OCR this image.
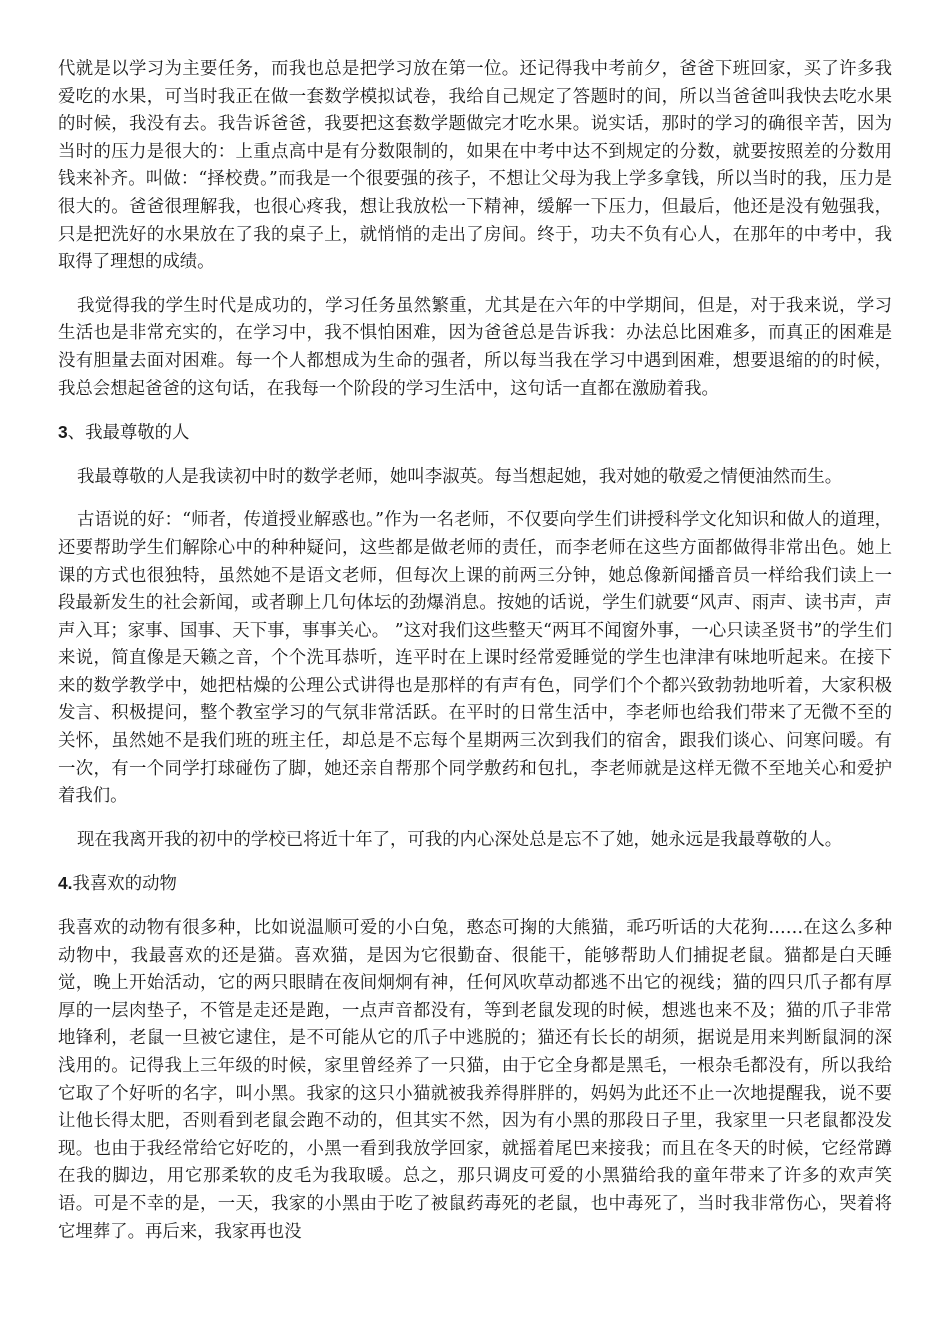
代就是以学习为主要任务，而我也总是把学习放在第一位。还记得我中考前夕，爸爸下班回家，买了许多我爱吃的水果，可当时我正在做一套数学模拟试卷，我给自己规定了答题时的间，所以当爸爸叫我快去吃水果的时候，我没有去。我告诉爸爸，我要把这套数学题做完才吃水果。说实话，那时的学习的确很辛苦，因为当时的压力是很大的：上重点高中是有分数限制的，如果在中考中达不到规定的分数，就要按照差的分数用钱来补齐。叫做：“择校费。”而我是一个很要强的孩子，不想让父母为我上学多拿钱，所以当时的我，压力是很大的。爸爸很理解我，也很心疼我，想让我放松一下精神，缓解一下压力，但最后，他还是没有勉强我，只是把洗好的水果放在了我的桌子上，就悄悄的走出了房间。终于，功夫不负有心人，在那年的中考中，我取得了理想的成绩。

我觉得我的学生时代是成功的，学习任务虽然繁重，尤其是在六年的中学期间，但是，对于我来说，学习生活也是非常充实的，在学习中，我不惧怕困难，因为爸爸总是告诉我：办法总比困难多，而真正的困难是没有胆量去面对困难。每一个人都想成为生命的强者，所以每当我在学习中遇到困难，想要退缩的的时候，我总会想起爸爸的这句话，在我每一个阶段的学习生活中，这句话一直都在激励着我。

3、我最尊敬的人

我最尊敬的人是我读初中时的数学老师，她叫李淑英。每当想起她，我对她的敬爱之情便油然而生。

古语说的好：“师者，传道授业解惑也。”作为一名老师，不仅要向学生们讲授科学文化知识和做人的道理，还要帮助学生们解除心中的种种疑问，这些都是做老师的责任，而李老师在这些方面都做得非常出色。她上课的方式也很独特，虽然她不是语文老师，但每次上课的前两三分钟，她总像新闻播音员一样给我们读上一段最新发生的社会新闻，或者聊上几句体坛的劲爆消息。按她的话说，学生们就要“风声、雨声、读书声，声声入耳；家事、国事、天下事，事事关心。 ”这对我们这些整天“两耳不闻窗外事，一心只读圣贤书”的学生们来说，简直像是天籁之音，个个洗耳恭听，连平时在上课时经常爱睡觉的学生也津津有味地听起来。在接下来的数学教学中，她把枯燥的公理公式讲得也是那样的有声有色，同学们个个都兴致勃勃地听着，大家积极发言、积极提问，整个教室学习的气氛非常活跃。在平时的日常生活中，李老师也给我们带来了无微不至的关怀，虽然她不是我们班的班主任，却总是不忘每个星期两三次到我们的宿舍，跟我们谈心、问寒问暖。有一次，有一个同学打球碰伤了脚，她还亲自帮那个同学敷药和包扎，李老师就是这样无微不至地关心和爱护着我们。

现在我离开我的初中的学校已将近十年了，可我的内心深处总是忘不了她，她永远是我最尊敬的人。

4.我喜欢的动物

我喜欢的动物有很多种，比如说温顺可爱的小白兔，憨态可掬的大熊猫，乖巧听话的大花狗……在这么多种动物中，我最喜欢的还是猫。喜欢猫，是因为它很勤奋、很能干，能够帮助人们捕捉老鼠。猫都是白天睡觉，晚上开始活动，它的两只眼睛在夜间炯炯有神，任何风吹草动都逃不出它的视线；猫的四只爪子都有厚厚的一层肉垫子，不管是走还是跑，一点声音都没有，等到老鼠发现的时候，想逃也来不及；猫的爪子非常地锋利，老鼠一旦被它逮住，是不可能从它的爪子中逃脱的；猫还有长长的胡须，据说是用来判断鼠洞的深浅用的。记得我上三年级的时候，家里曾经养了一只猫，由于它全身都是黑毛，一根杂毛都没有，所以我给它取了个好听的名字，叫小黑。我家的这只小猫就被我养得胖胖的，妈妈为此还不止一次地提醒我，说不要让他长得太肥，否则看到老鼠会跑不动的，但其实不然，因为有小黑的那段日子里，我家里一只老鼠都没发现。也由于我经常给它好吃的，小黑一看到我放学回家，就摇着尾巴来接我；而且在冬天的时候，它经常蹲在我的脚边，用它那柔软的皮毛为我取暖。总之，那只调皮可爱的小黑猫给我的童年带来了许多的欢声笑语。可是不幸的是，一天，我家的小黑由于吃了被鼠药毒死的老鼠，也中毒死了，当时我非常伤心，哭着将它埋葬了。再后来，我家再也没
